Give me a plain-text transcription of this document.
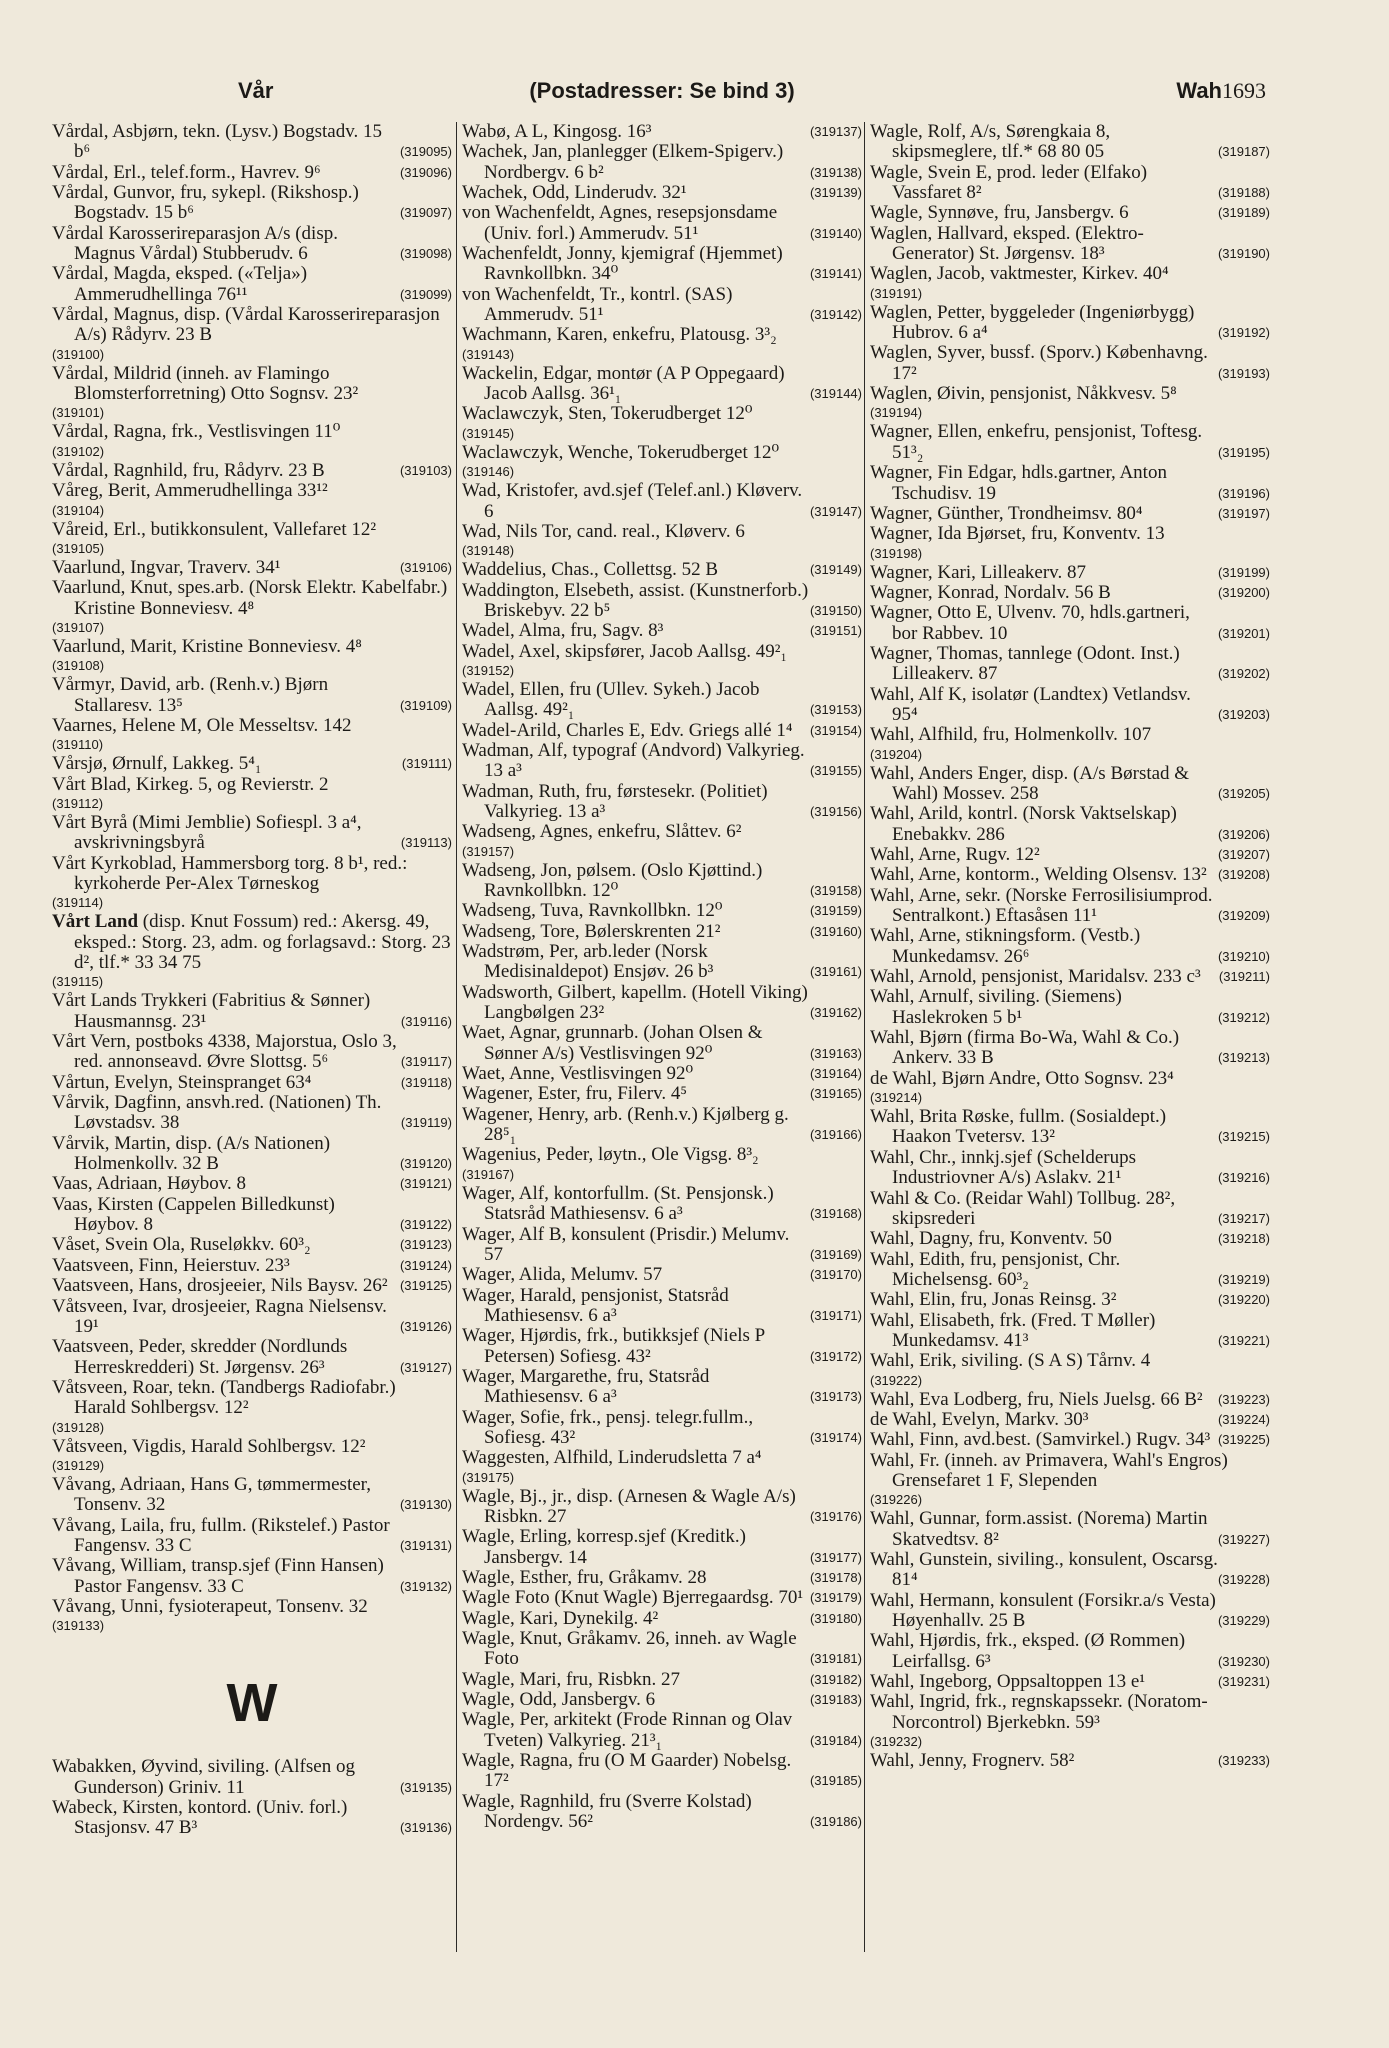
Vår	(Postadresser: Se bind 3)	Wah 1693
Vårdal, Asbjørn, tekn. (Lysv.) Bogstadv. 15 b⁶	(319095)
Vårdal, Erl., telef.form., Havrev. 9⁶	(319096)
Vårdal, Gunvor, fru, sykepl. (Rikshosp.) Bogstadv. 15 b⁶	(319097)
Vårdal Karosserireparasjon A/s (disp. Magnus Vårdal) Stubberudv. 6	(319098)
Vårdal, Magda, eksped. («Telja») Ammerudhellinga 76¹¹	(319099)
Vårdal, Magnus, disp. (Vårdal Karosserireparasjon A/s) Rådyrv. 23 B
(319100)
Vårdal, Mildrid (inneh. av Flamingo Blomsterforretning) Otto Sognsv. 23²
(319101)
Vårdal, Ragna, frk., Vestlisvingen 11⁰
(319102)
Vårdal, Ragnhild, fru, Rådyrv. 23 B	(319103)
Våreg, Berit, Ammerudhellinga 33¹²
(319104)
Våreid, Erl., butikkonsulent, Vallefaret 12²
(319105)
Vaarlund, Ingvar, Traverv. 34¹	(319106)
Vaarlund, Knut, spes.arb. (Norsk Elektr. Kabelfabr.) Kristine Bonneviesv. 4⁸
(319107)
Vaarlund, Marit, Kristine Bonneviesv. 4⁸
(319108)
Vårmyr, David, arb. (Renh.v.) Bjørn Stallaresv. 13⁵	(319109)
Vaarnes, Helene M, Ole Messeltsv. 142
(319110)
Vårsjø, Ørnulf, Lakkeg. 5⁴₁	(319111)
Vårt Blad, Kirkeg. 5, og Revierstr. 2
(319112)
Vårt Byrå (Mimi Jemblie) Sofiespl. 3 a⁴, avskrivningsbyrå	(319113)
Vårt Kyrkoblad, Hammersborg torg. 8 b¹, red.: kyrkoherde Per-Alex Tørneskog
(319114)
Vårt Land (disp. Knut Fossum) red.: Akersg. 49, eksped.: Storg. 23, adm. og forlagsavd.: Storg. 23 d², tlf.* 33 34 75
(319115)
Vårt Lands Trykkeri (Fabritius & Sønner) Hausmannsg. 23¹	(319116)
Vårt Vern, postboks 4338, Majorstua, Oslo 3, red. annonseavd. Øvre Slottsg. 5⁶	(319117)
Vårtun, Evelyn, Steinspranget 63⁴	(319118)
Vårvik, Dagfinn, ansvh.red. (Nationen) Th. Løvstadsv. 38	(319119)
Vårvik, Martin, disp. (A/s Nationen) Holmenkollv. 32 B	(319120)
Vaas, Adriaan, Høybov. 8	(319121)
Vaas, Kirsten (Cappelen Billedkunst) Høybov. 8	(319122)
Våset, Svein Ola, Ruseløkkv. 60³₂	(319123)
Vaatsveen, Finn, Heierstuv. 23³	(319124)
Vaatsveen, Hans, drosjeeier, Nils Baysv. 26² (319125)
Våtsveen, Ivar, drosjeeier, Ragna Nielsensv. 19¹	(319126)
Vaatsveen, Peder, skredder (Nordlunds Herreskredderi) St. Jørgensv. 26³	(319127)
Våtsveen, Roar, tekn. (Tandbergs Radiofabr.) Harald Sohlbergsv. 12²
(319128)
Våtsveen, Vigdis, Harald Sohlbergsv. 12²
(319129)
Våvang, Adriaan, Hans G, tømmermester, Tonsenv. 32	(319130)
Våvang, Laila, fru, fullm. (Rikstelef.) Pastor Fangensv. 33 C	(319131)
Våvang, William, transp.sjef (Finn Hansen) Pastor Fangensv. 33 C	(319132)
Våvang, Unni, fysioterapeut, Tonsenv. 32
(319133)
W
Wabakken, Øyvind, siviling. (Alfsen og Gunderson) Griniv. 11	(319135)
Wabeck, Kirsten, kontord. (Univ. forl.) Stasjonsv. 47 B³	(319136)
Wabø, A L, Kingosg. 16³	(319137)
Wachek, Jan, planlegger (Elkem-Spigerv.) Nordbergv. 6 b²	(319138)
Wachek, Odd, Linderudv. 32¹	(319139)
von Wachenfeldt, Agnes, resepsjonsdame (Univ. forl.) Ammerudv. 51¹	(319140)
Wachenfeldt, Jonny, kjemigraf (Hjemmet) Ravnkollbkn. 34⁰	(319141)
von Wachenfeldt, Tr., kontrl. (SAS) Ammerudv. 51¹	(319142)
Wachmann, Karen, enkefru, Platousg. 3³₂
(319143)
Wackelin, Edgar, montør (A P Oppegaard) Jacob Aallsg. 36¹₁	(319144)
Waclawczyk, Sten, Tokerudberget 12⁰
(319145)
Waclawczyk, Wenche, Tokerudberget 12⁰
(319146)
Wad, Kristofer, avd.sjef (Telef.anl.) Kløverv. 6	(319147)
Wad, Nils Tor, cand. real., Kløverv. 6
(319148)
Waddelius, Chas., Collettsg. 52 B	(319149)
Waddington, Elsebeth, assist. (Kunstnerforb.) Briskebyv. 22 b⁵	(319150)
Wadel, Alma, fru, Sagv. 8³	(319151)
Wadel, Axel, skipsfører, Jacob Aallsg. 49²₁
(319152)
Wadel, Ellen, fru (Ullev. Sykeh.) Jacob Aallsg. 49²₁	(319153)
Wadel-Arild, Charles E, Edv. Griegs allé 1⁴	(319154)
Wadman, Alf, typograf (Andvord) Valkyrieg. 13 a³	(319155)
Wadman, Ruth, fru, førstesekr. (Politiet) Valkyrieg. 13 a³	(319156)
Wadseng, Agnes, enkefru, Slåttev. 6²
(319157)
Wadseng, Jon, pølsem. (Oslo Kjøttind.) Ravnkollbkn. 12⁰	(319158)
Wadseng, Tuva, Ravnkollbkn. 12⁰	(319159)
Wadseng, Tore, Bølerskrenten 21²	(319160)
Wadstrøm, Per, arb.leder (Norsk Medisinaldepot) Ensjøv. 26 b³	(319161)
Wadsworth, Gilbert, kapellm. (Hotell Viking) Langbølgen 23²	(319162)
Waet, Agnar, grunnarb. (Johan Olsen & Sønner A/s) Vestlisvingen 92⁰	(319163)
Waet, Anne, Vestlisvingen 92⁰	(319164)
Wagener, Ester, fru, Filerv. 4⁵	(319165)
Wagener, Henry, arb. (Renh.v.) Kjølberg g. 28⁵₁	(319166)
Wagenius, Peder, løytn., Ole Vigsg. 8³₂
(319167)
Wager, Alf, kontorfullm. (St. Pensjonsk.) Statsråd Mathiesensv. 6 a³	(319168)
Wager, Alf B, konsulent (Prisdir.) Melumv. 57	(319169)
Wager, Alida, Melumv. 57	(319170)
Wager, Harald, pensjonist, Statsråd Mathiesensv. 6 a³	(319171)
Wager, Hjørdis, frk., butikksjef (Niels P Petersen) Sofiesg. 43²	(319172)
Wager, Margarethe, fru, Statsråd Mathiesensv. 6 a³	(319173)
Wager, Sofie, frk., pensj. telegr.fullm., Sofiesg. 43²	(319174)
Waggesten, Alfhild, Linderudsletta 7 a⁴
(319175)
Wagle, Bj., jr., disp. (Arnesen & Wagle A/s) Risbkn. 27	(319176)
Wagle, Erling, korresp.sjef (Kreditk.) Jansbergv. 14	(319177)
Wagle, Esther, fru, Gråkamv. 28	(319178)
Wagle Foto (Knut Wagle) Bjerregaardsg. 70¹ (319179)
Wagle, Kari, Dynekilg. 4²	(319180)
Wagle, Knut, Gråkamv. 26, inneh. av Wagle Foto	(319181)
Wagle, Mari, fru, Risbkn. 27	(319182)
Wagle, Odd, Jansbergv. 6	(319183)
Wagle, Per, arkitekt (Frode Rinnan og Olav Tveten) Valkyrieg. 21³₁	(319184)
Wagle, Ragna, fru (O M Gaarder) Nobelsg. 17²	(319185)
Wagle, Ragnhild, fru (Sverre Kolstad) Nordengv. 56²	(319186)
Wagle, Rolf, A/s, Sørengkaia 8, skipsmeglere, tlf.* 68 80 05	(319187)
Wagle, Svein E, prod. leder (Elfako) Vassfaret 8²	(319188)
Wagle, Synnøve, fru, Jansbergv. 6	(319189)
Waglen, Hallvard, eksped. (Elektro-Generator) St. Jørgensv. 18³	(319190)
Waglen, Jacob, vaktmester, Kirkev. 40⁴
(319191)
Waglen, Petter, byggeleder (Ingeniørbygg) Hubrov. 6 a⁴	(319192)
Waglen, Syver, bussf. (Sporv.) Københavng. 17²	(319193)
Waglen, Øivin, pensjonist, Nåkkvesv. 5⁸
(319194)
Wagner, Ellen, enkefru, pensjonist, Toftesg. 51³₂	(319195)
Wagner, Fin Edgar, hdls.gartner, Anton Tschudisv. 19	(319196)
Wagner, Günther, Trondheimsv. 80⁴	(319197)
Wagner, Ida Bjørset, fru, Konventv. 13
(319198)
Wagner, Kari, Lilleakerv. 87	(319199)
Wagner, Konrad, Nordalv. 56 B	(319200)
Wagner, Otto E, Ulvenv. 70, hdls.gartneri, bor Rabbev. 10	(319201)
Wagner, Thomas, tannlege (Odont. Inst.) Lilleakerv. 87	(319202)
Wahl, Alf K, isolatør (Landtex) Vetlandsv. 95⁴	(319203)
Wahl, Alfhild, fru, Holmenkollv. 107
(319204)
Wahl, Anders Enger, disp. (A/s Børstad & Wahl) Mossev. 258	(319205)
Wahl, Arild, kontrl. (Norsk Vaktselskap) Enebakkv. 286	(319206)
Wahl, Arne, Rugv. 12²	(319207)
Wahl, Arne, kontorm., Welding Olsensv. 13² (319208)
Wahl, Arne, sekr. (Norske Ferrosilisiumprod. Sentralkont.) Eftasåsen 11¹	(319209)
Wahl, Arne, stikningsform. (Vestb.) Munkedamsv. 26⁶	(319210)
Wahl, Arnold, pensjonist, Maridalsv. 233 c³	(319211)
Wahl, Arnulf, siviling. (Siemens) Haslekroken 5 b¹	(319212)
Wahl, Bjørn (firma Bo-Wa, Wahl & Co.) Ankerv. 33 B	(319213)
de Wahl, Bjørn Andre, Otto Sognsv. 23⁴
(319214)
Wahl, Brita Røske, fullm. (Sosialdept.) Haakon Tvetersv. 13²	(319215)
Wahl, Chr., innkj.sjef (Schelderups Industriovner A/s) Aslakv. 21¹	(319216)
Wahl & Co. (Reidar Wahl) Tollbug. 28², skipsrederi	(319217)
Wahl, Dagny, fru, Konventv. 50	(319218)
Wahl, Edith, fru, pensjonist, Chr. Michelsensg. 60³₂	(319219)
Wahl, Elin, fru, Jonas Reinsg. 3²	(319220)
Wahl, Elisabeth, frk. (Fred. T Møller) Munkedamsv. 41³	(319221)
Wahl, Erik, siviling. (S A S) Tårnv. 4
(319222)
Wahl, Eva Lodberg, fru, Niels Juelsg. 66 B²	(319223)
de Wahl, Evelyn, Markv. 30³	(319224)
Wahl, Finn, avd.best. (Samvirkel.) Rugv. 34³ (319225)
Wahl, Fr. (inneh. av Primavera, Wahl's Engros) Grensefaret 1 F, Slependen
(319226)
Wahl, Gunnar, form.assist. (Norema) Martin Skatvedtsv. 8²	(319227)
Wahl, Gunstein, siviling., konsulent, Oscarsg. 81⁴	(319228)
Wahl, Hermann, konsulent (Forsikr.a/s Vesta) Høyenhallv. 25 B	(319229)
Wahl, Hjørdis, frk., eksped. (Ø Rommen) Leirfallsg. 6³	(319230)
Wahl, Ingeborg, Oppsaltoppen 13 e¹	(319231)
Wahl, Ingrid, frk., regnskapssekr. (Noratom-Norcontrol) Bjerkebkn. 59³
(319232)
Wahl, Jenny, Frognerv. 58²	(319233)
